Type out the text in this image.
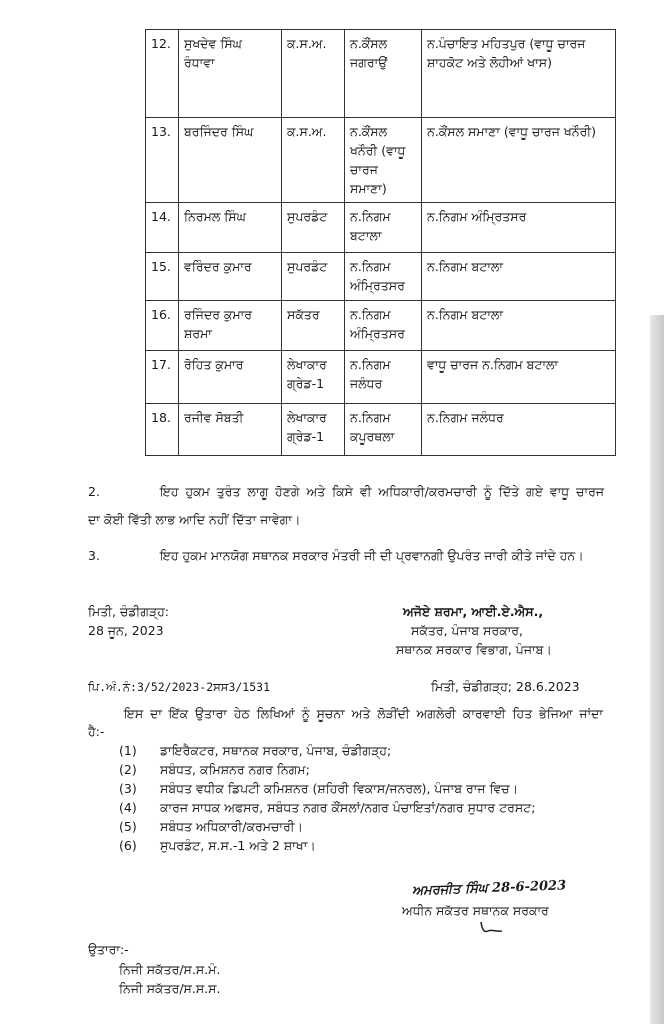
12.	ਸੁਖਦੇਵ ਸਿੰਘ ਰੰਧਾਵਾ	ਕ.ਸ.ਅ.	ਨ.ਕੌਂਸਲ ਜਗਰਾਉਂ	ਨ.ਪੰਚਾਇਤ ਮਹਿਤਪੁਰ (ਵਾਧੂ ਚਾਰਜ ਸ਼ਾਹਕੋਟ ਅਤੇ ਲੋਹੀਆਂ ਖਾਸ)
13.	ਬਰਜਿੰਦਰ ਸਿੰਘ	ਕ.ਸ.ਅ.	ਨ.ਕੌਂਸਲ ਖਨੌਰੀ (ਵਾਧੂ ਚਾਰਜ ਸਮਾਣਾ)	ਨ.ਕੌਂਸਲ ਸਮਾਣਾ (ਵਾਧੂ ਚਾਰਜ ਖਨੌਰੀ)
14.	ਨਿਰਮਲ ਸਿੰਘ	ਸੁਪਰਡੰਟ	ਨ.ਨਿਗਮ ਬਟਾਲਾ	ਨ.ਨਿਗਮ ਅੰਮ੍ਰਿਤਸਰ
15.	ਵਰਿੰਦਰ ਕੁਮਾਰ	ਸੁਪਰਡੰਟ	ਨ.ਨਿਗਮ ਅੰਮ੍ਰਿਤਸਰ	ਨ.ਨਿਗਮ ਬਟਾਲਾ
16.	ਰਜਿੰਦਰ ਕੁਮਾਰ ਸ਼ਰਮਾ	ਸਕੱਤਰ	ਨ.ਨਿਗਮ ਅੰਮ੍ਰਿਤਸਰ	ਨ.ਨਿਗਮ ਬਟਾਲਾ
17.	ਰੋਹਿਤ ਕੁਮਾਰ	ਲੇਖਾਕਾਰ ਗ੍ਰੇਡ-1	ਨ.ਨਿਗਮ ਜਲੰਧਰ	ਵਾਧੂ ਚਾਰਜ ਨ.ਨਿਗਮ ਬਟਾਲਾ
18.	ਰਜੀਵ ਸੋਬਤੀ	ਲੇਖਾਕਾਰ ਗ੍ਰੇਡ-1	ਨ.ਨਿਗਮ ਕਪੂਰਥਲਾ	ਨ.ਨਿਗਮ ਜਲੰਧਰ
2.	ਇਹ ਹੁਕਮ ਤੁਰੰਤ ਲਾਗੂ ਹੋਣਗੇ ਅਤੇ ਕਿਸੇ ਵੀ ਅਧਿਕਾਰੀ/ਕਰਮਚਾਰੀ ਨੂੰ ਦਿੱਤੇ ਗਏ ਵਾਧੂ ਚਾਰਜ
ਦਾ ਕੋਈ ਵਿੱਤੀ ਲਾਭ ਆਦਿ ਨਹੀਂ ਦਿੱਤਾ ਜਾਵੇਗਾ।
3.	ਇਹ ਹੁਕਮ ਮਾਨਯੋਗ ਸਥਾਨਕ ਸਰਕਾਰ ਮੰਤਰੀ ਜੀ ਦੀ ਪ੍ਰਵਾਨਗੀ ਉਪਰੰਤ ਜਾਰੀ ਕੀਤੇ ਜਾਂਦੇ ਹਨ।
ਮਿਤੀ, ਚੰਡੀਗੜ੍ਹ:
28 ਜੂਨ, 2023
ਅਜੋਏ ਸ਼ਰਮਾ, ਆਈ.ਏ.ਐਸ.,
ਸਕੱਤਰ, ਪੰਜਾਬ ਸਰਕਾਰ,
ਸਥਾਨਕ ਸਰਕਾਰ ਵਿਭਾਗ, ਪੰਜਾਬ।
ਪਿ.ਅੰ.ਨੰ:3/52/2023-2ਸਸ3/1531	ਮਿਤੀ, ਚੰਡੀਗੜ੍ਹ; 28.6.2023
ਇਸ ਦਾ ਇੱਕ ਉਤਾਰਾ ਹੇਠ ਲਿਖਿਆਂ ਨੂੰ ਸੂਚਨਾ ਅਤੇ ਲੋੜੀਂਦੀ ਅਗਲੇਰੀ ਕਾਰਵਾਈ ਹਿਤ ਭੇਜਿਆ ਜਾਂਦਾ
ਹੈ:-
(1) ਡਾਇਰੈਕਟਰ, ਸਥਾਨਕ ਸਰਕਾਰ, ਪੰਜਾਬ, ਚੰਡੀਗੜ੍ਹ;
(2) ਸਬੰਧਤ, ਕਮਿਸ਼ਨਰ ਨਗਰ ਨਿਗਮ;
(3) ਸਬੰਧਤ ਵਧੀਕ ਡਿਪਟੀ ਕਮਿਸ਼ਨਰ (ਸ਼ਹਿਰੀ ਵਿਕਾਸ/ਜਨਰਲ), ਪੰਜਾਬ ਰਾਜ ਵਿਚ।
(4) ਕਾਰਜ ਸਾਧਕ ਅਫਸਰ, ਸਬੰਧਤ ਨਗਰ ਕੌਂਸਲਾਂ/ਨਗਰ ਪੰਚਾਇਤਾਂ/ਨਗਰ ਸੁਧਾਰ ਟਰਸਟ;
(5) ਸਬੰਧਤ ਅਧਿਕਾਰੀ/ਕਰਮਚਾਰੀ।
(6) ਸੁਪਰਡੰਟ, ਸ.ਸ.-1 ਅਤੇ 2 ਸ਼ਾਖਾ।
ਅਮਰਜੀਤ ਸਿੰਘ 28-6-2023
ਅਧੀਨ ਸਕੱਤਰ ਸਥਾਨਕ ਸਰਕਾਰ
ਉਤਾਰਾ:-
ਨਿਜੀ ਸਕੱਤਰ/ਸ.ਸ.ਮੰ.
ਨਿਜੀ ਸਕੱਤਰ/ਸ.ਸ.ਸ.
